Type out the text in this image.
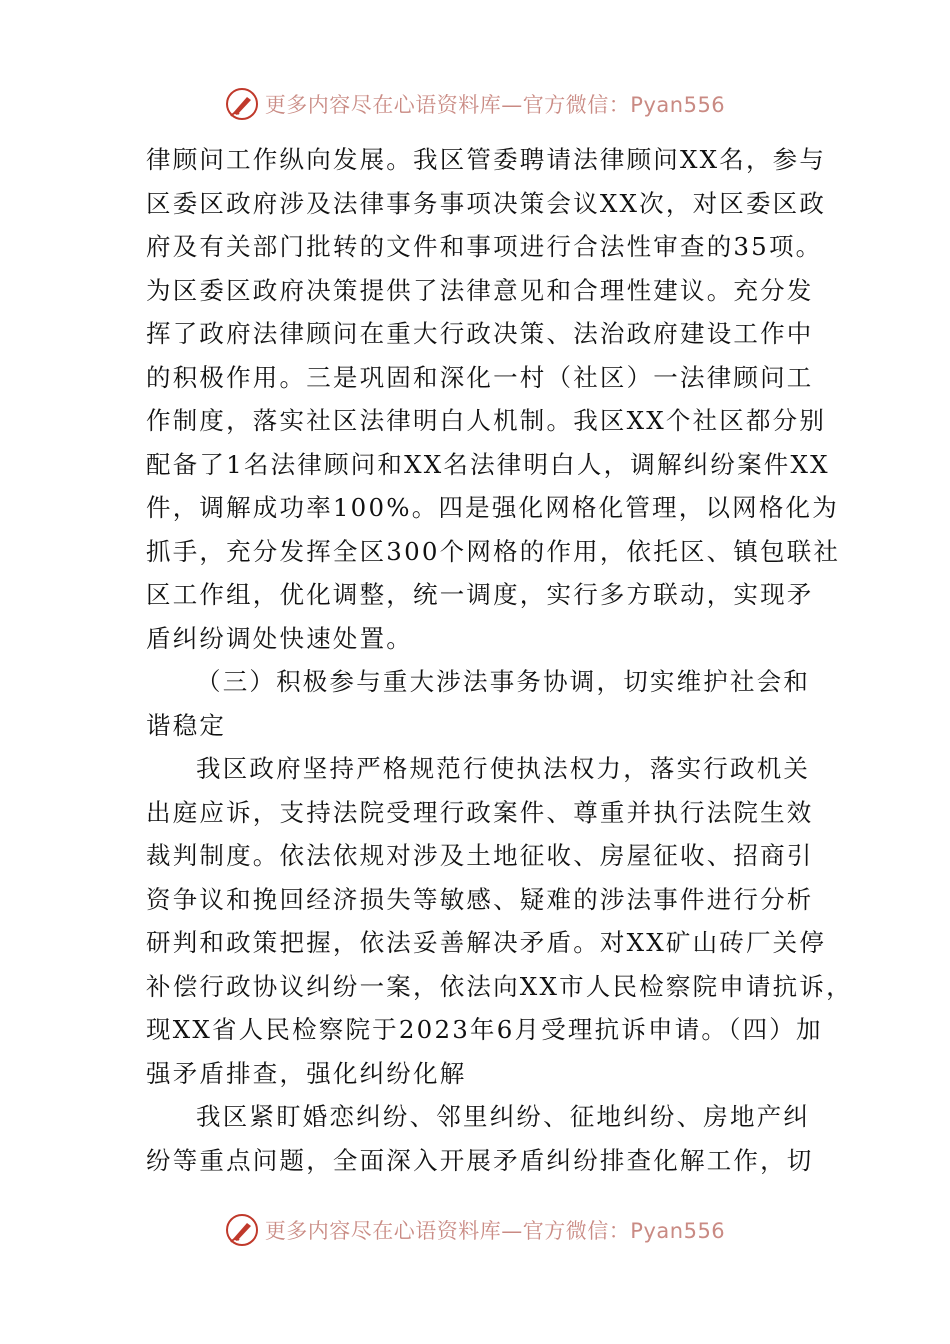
更多内容尽在心语资料库—官方微信：Pyan556
律顾问工作纵向发展。我区管委聘请法律顾问XX名，参与
区委区政府涉及法律事务事项决策会议XX次，对区委区政
府及有关部门批转的文件和事项进行合法性审查的35项。
为区委区政府决策提供了法律意见和合理性建议。充分发
挥了政府法律顾问在重大行政决策、法治政府建设工作中
的积极作用。三是巩固和深化一村（社区）一法律顾问工
作制度，落实社区法律明白人机制。我区XX个社区都分别
配备了1名法律顾问和XX名法律明白人，调解纠纷案件XX
件，调解成功率100%。四是强化网格化管理，以网格化为
抓手，充分发挥全区300个网格的作用，依托区、镇包联社
区工作组，优化调整，统一调度，实行多方联动，实现矛
盾纠纷调处快速处置。
（三）积极参与重大涉法事务协调，切实维护社会和
谐稳定
我区政府坚持严格规范行使执法权力，落实行政机关
出庭应诉，支持法院受理行政案件、尊重并执行法院生效
裁判制度。依法依规对涉及土地征收、房屋征收、招商引
资争议和挽回经济损失等敏感、疑难的涉法事件进行分析
研判和政策把握，依法妥善解决矛盾。对XX矿山砖厂关停
补偿行政协议纠纷一案，依法向XX市人民检察院申请抗诉，
现XX省人民检察院于2023年6月受理抗诉申请。（四）加
强矛盾排查，强化纠纷化解
我区紧盯婚恋纠纷、邻里纠纷、征地纠纷、房地产纠
纷等重点问题，全面深入开展矛盾纠纷排查化解工作，切
更多内容尽在心语资料库—官方微信：Pyan556
